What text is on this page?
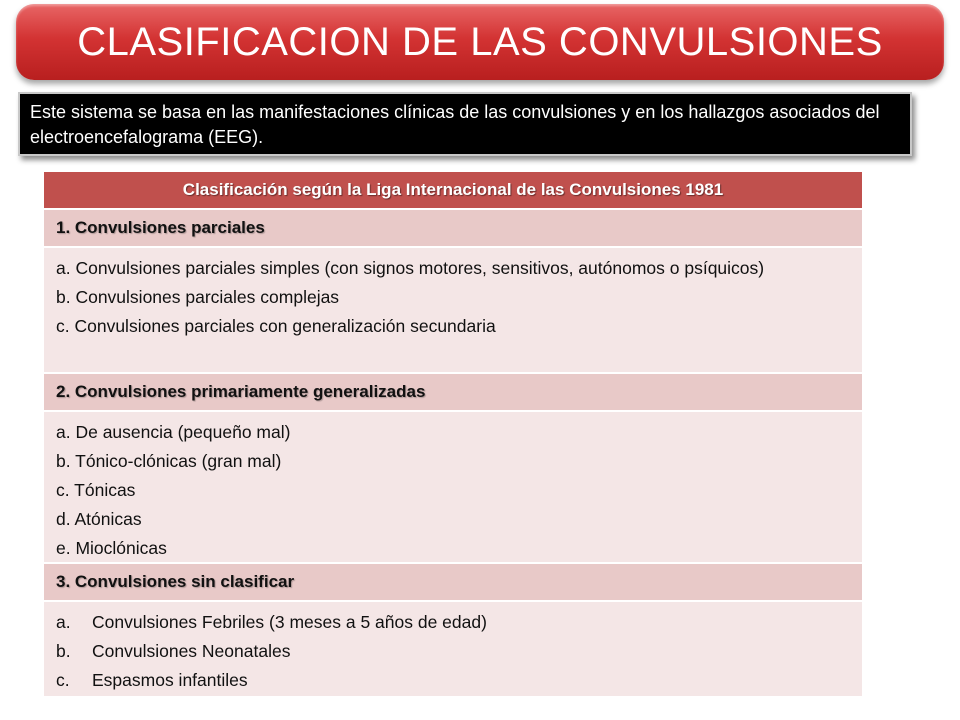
CLASIFICACION DE LAS CONVULSIONES
Este sistema se basa en las manifestaciones clínicas de las convulsiones y en los hallazgos asociados del electroencefalograma (EEG).
Clasificación según la Liga Internacional de las Convulsiones 1981
1. Convulsiones parciales
a. Convulsiones parciales simples (con signos motores, sensitivos, autónomos o psíquicos)
b. Convulsiones parciales complejas
c. Convulsiones parciales con generalización secundaria
2. Convulsiones primariamente generalizadas
a. De ausencia (pequeño mal)
b. Tónico-clónicas (gran mal)
c. Tónicas
d. Atónicas
e. Mioclónicas
3. Convulsiones sin clasificar
a. Convulsiones Febriles (3 meses a 5 años de edad)
b. Convulsiones Neonatales
c. Espasmos infantiles
